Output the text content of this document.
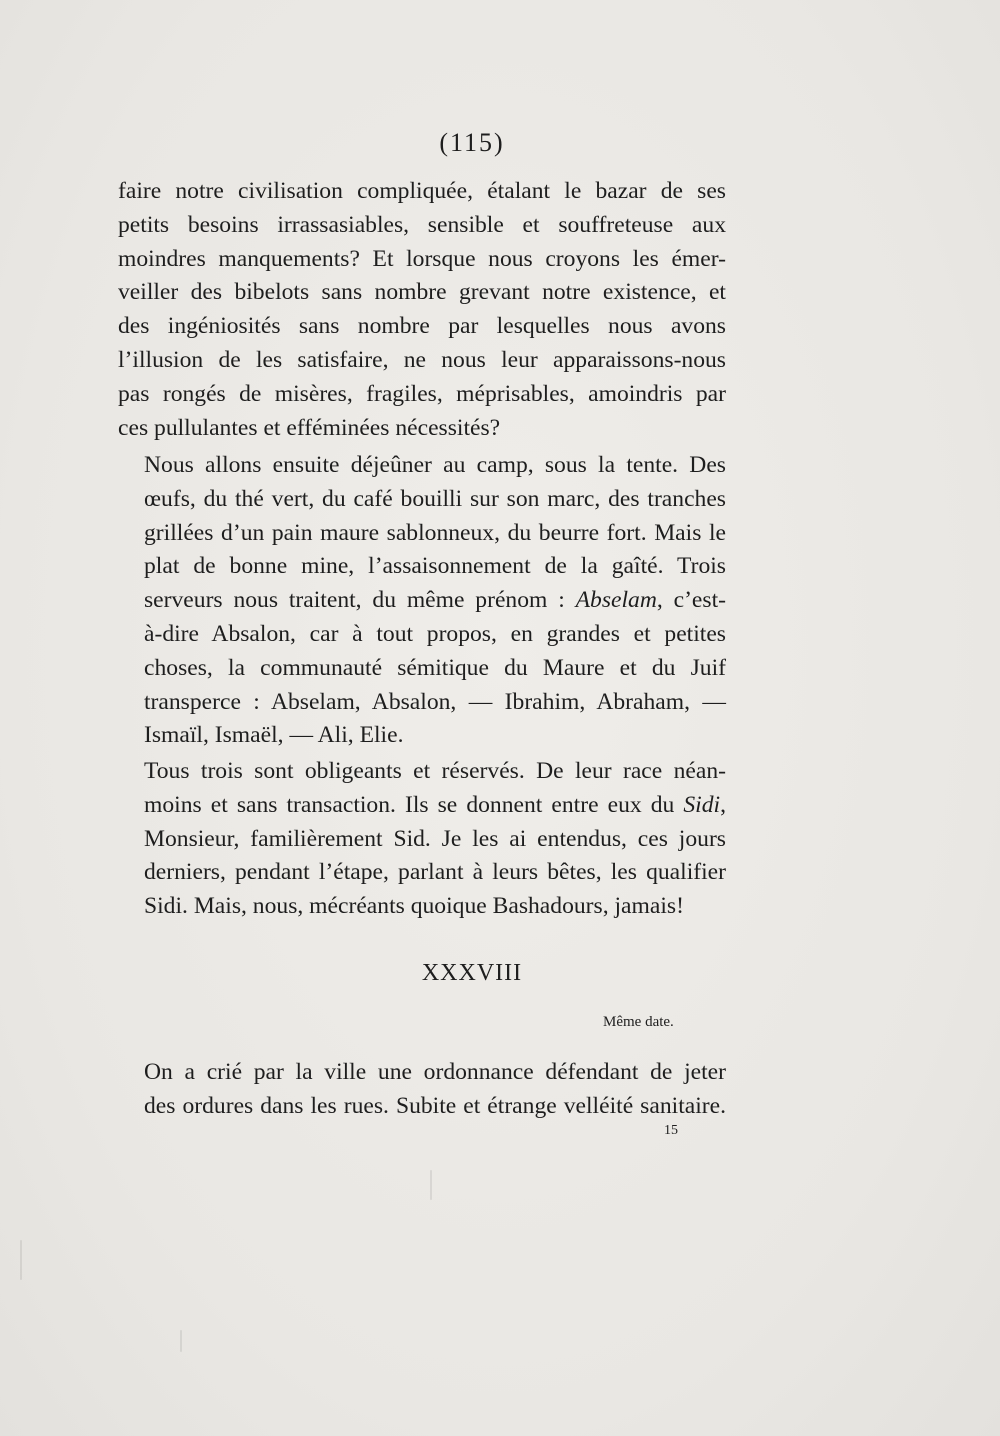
(115)
faire notre civilisation compliquée, étalant le bazar de ses
petits besoins irrassasiables, sensible et souffreteuse aux
moindres manquements? Et lorsque nous croyons les émer-
veiller des bibelots sans nombre grevant notre existence, et
des ingéniosités sans nombre par lesquelles nous avons
l’illusion de les satisfaire, ne nous leur apparaissons-nous
pas rongés de misères, fragiles, méprisables, amoindris par
ces pullulantes et efféminées nécessités?
Nous allons ensuite déjeûner au camp, sous la tente. Des
œufs, du thé vert, du café bouilli sur son marc, des tranches
grillées d’un pain maure sablonneux, du beurre fort. Mais le
plat de bonne mine, l’assaisonnement de la gaîté. Trois
serveurs nous traitent, du même prénom : Abselam, c’est-
à-dire Absalon, car à tout propos, en grandes et petites
choses, la communauté sémitique du Maure et du Juif
transperce : Abselam, Absalon, — Ibrahim, Abraham, —
Ismaïl, Ismaël, — Ali, Elie.
Tous trois sont obligeants et réservés. De leur race néan-
moins et sans transaction. Ils se donnent entre eux du Sidi,
Monsieur, familièrement Sid. Je les ai entendus, ces jours
derniers, pendant l’étape, parlant à leurs bêtes, les qualifier
Sidi. Mais, nous, mécréants quoique Bashadours, jamais!
XXXVIII
Même date.
On a crié par la ville une ordonnance défendant de jeter
des ordures dans les rues. Subite et étrange velléité sanitaire.
15
